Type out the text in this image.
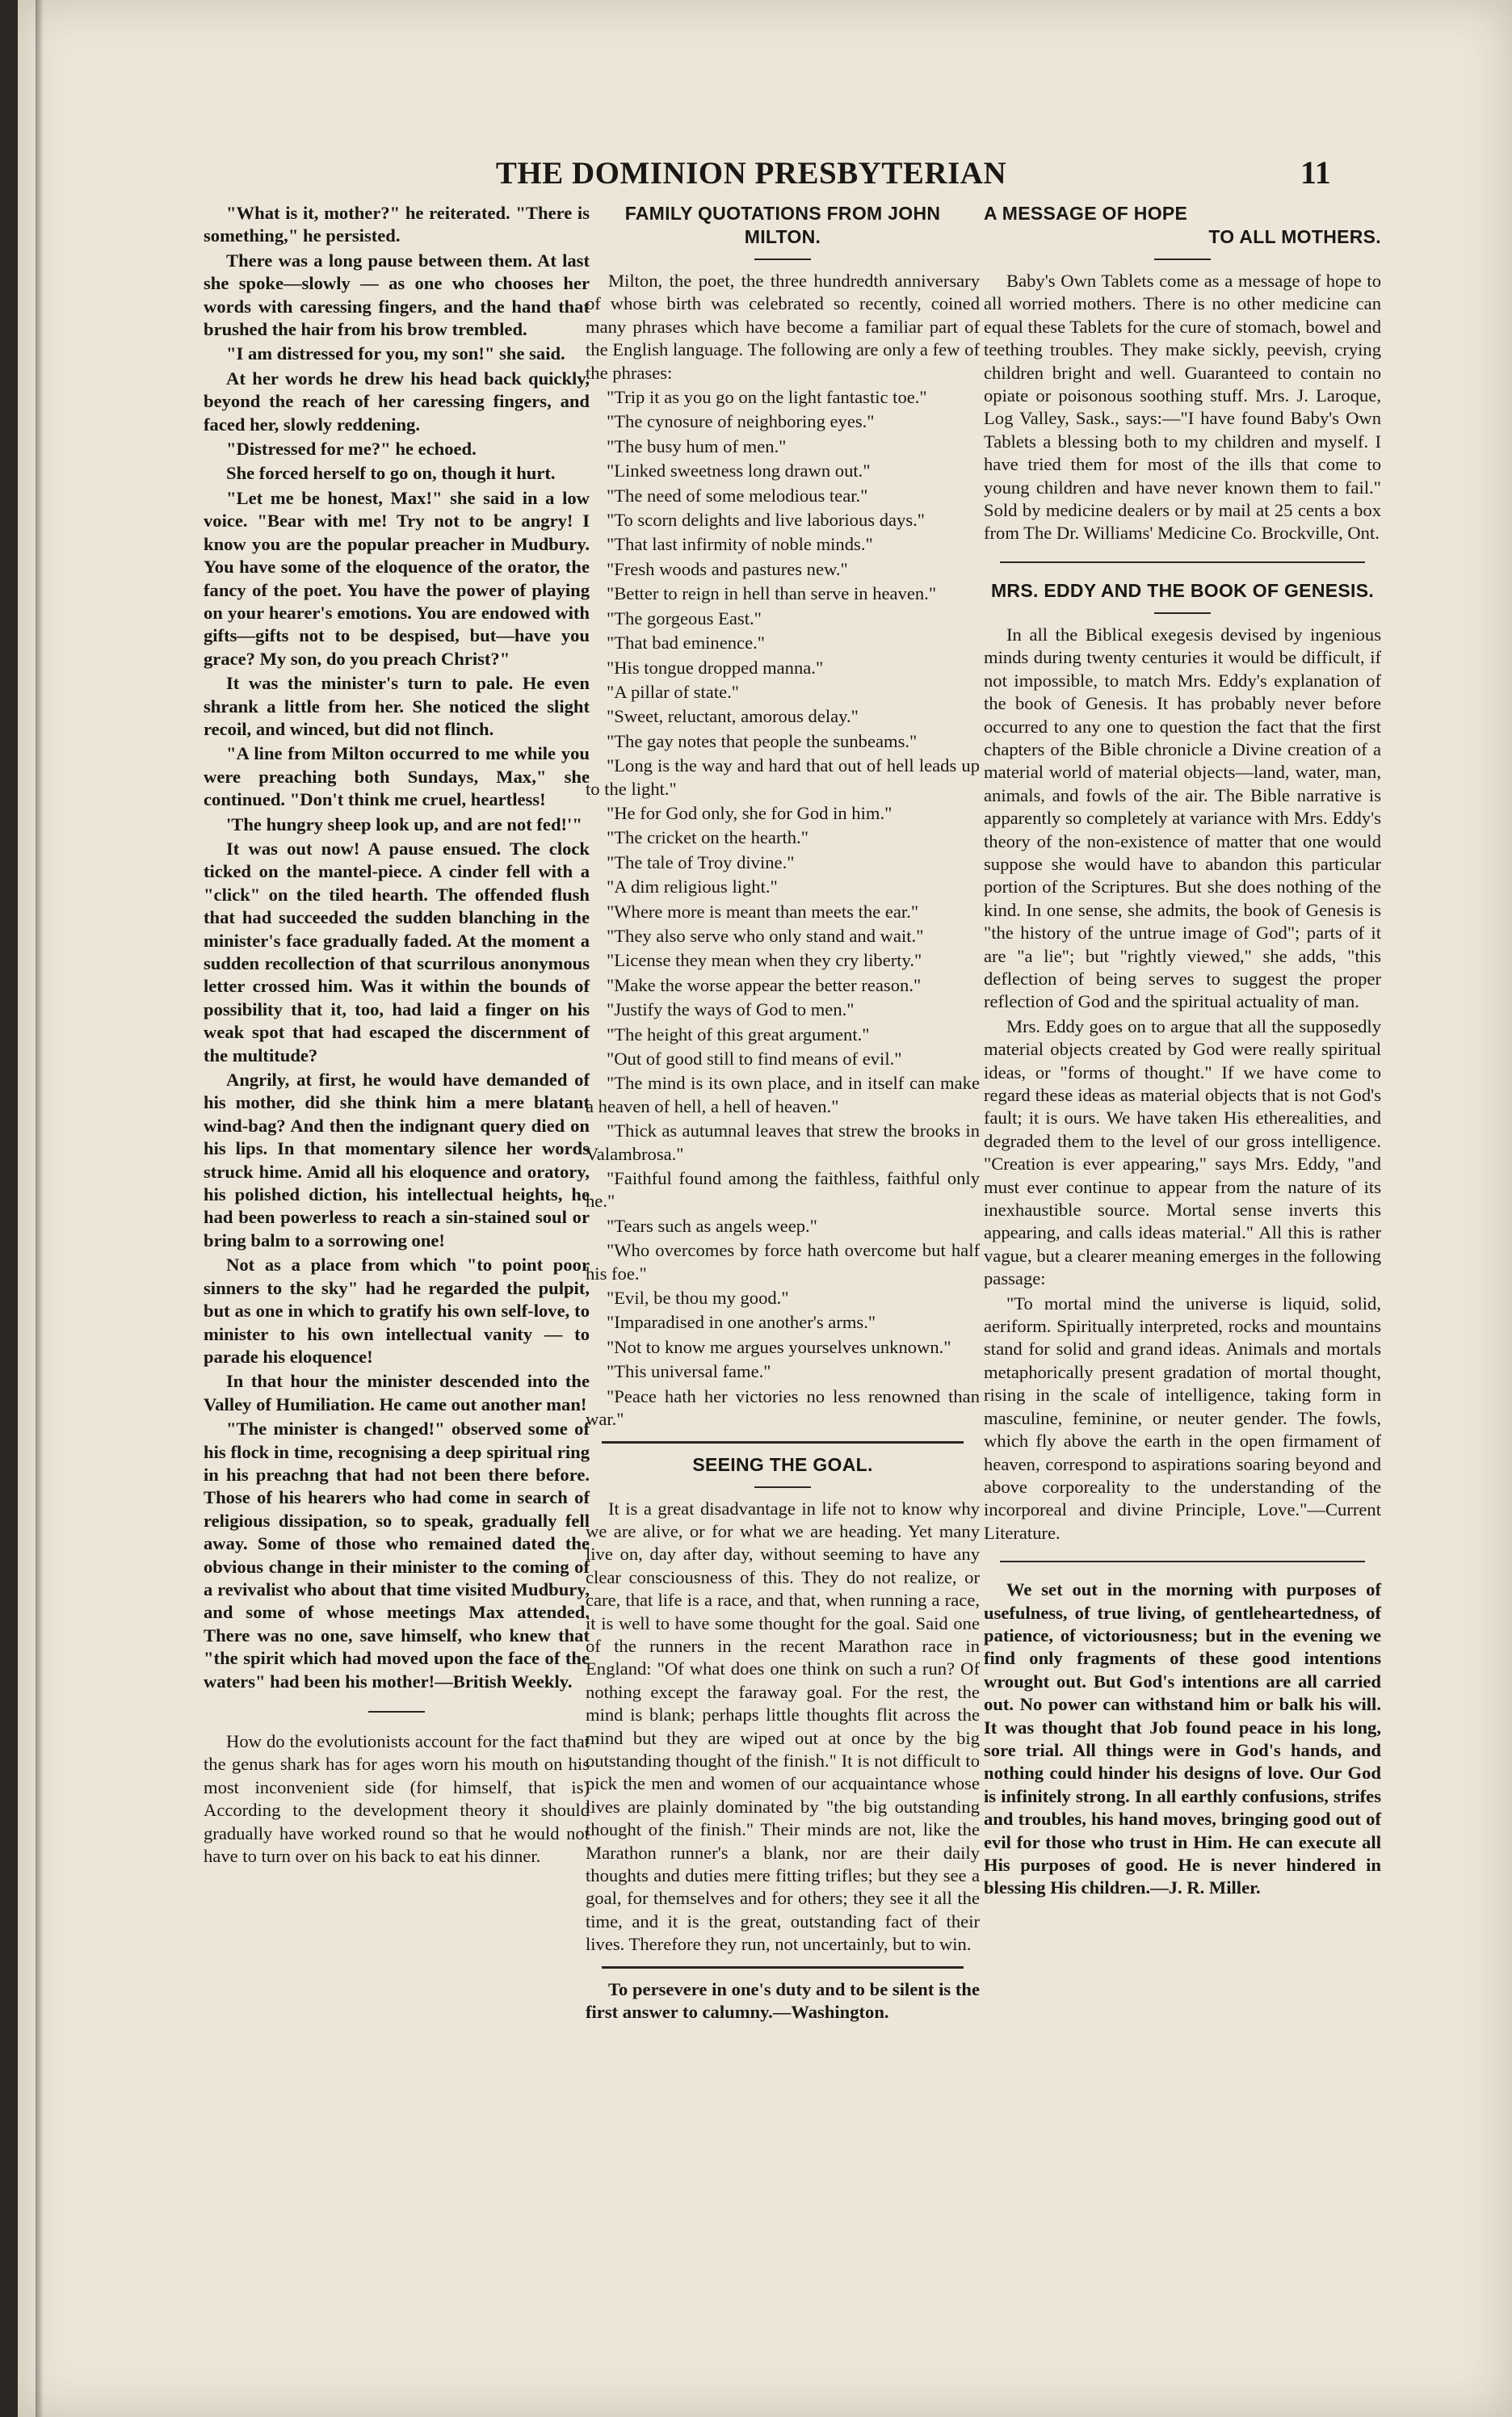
THE DOMINION PRESBYTERIAN	11

"What is it, mother?" he reiterated. "There is something," he persisted.

There was a long pause between them. At last she spoke—slowly — as one who chooses her words with caressing fingers, and the hand that brushed the hair from his brow trembled.

"I am distressed for you, my son!" she said.

At her words he drew his head back quickly, beyond the reach of her caressing fingers, and faced her, slowly reddening.

"Distressed for me?" he echoed.

She forced herself to go on, though it hurt.

"Let me be honest, Max!" she said in a low voice. "Bear with me! Try not to be angry! I know you are the popular preacher in Mudbury. You have some of the eloquence of the orator, the fancy of the poet. You have the power of playing on your hearer's emotions. You are endowed with gifts—gifts not to be despised, but—have you grace? My son, do you preach Christ?"

It was the minister's turn to pale. He even shrank a little from her. She noticed the slight recoil, and winced, but did not flinch.

"A line from Milton occurred to me while you were preaching both Sundays, Max," she continued. "Don't think me cruel, heartless!

'The hungry sheep look up, and are not fed!'"

It was out now! A pause ensued. The clock ticked on the mantel-piece. A cinder fell with a "click" on the tiled hearth. The offended flush that had succeeded the sudden blanching in the minister's face gradually faded. At the moment a sudden recollection of that scurrilous anonymous letter crossed him. Was it within the bounds of possibility that it, too, had laid a finger on his weak spot that had escaped the discernment of the multitude?

Angrily, at first, he would have demanded of his mother, did she think him a mere blatant wind-bag? And then the indignant query died on his lips. In that momentary silence her words struck hime. Amid all his eloquence and oratory, his polished diction, his intellectual heights, he had been powerless to reach a sin-stained soul or bring balm to a sorrowing one!

Not as a place from which "to point poor sinners to the sky" had he regarded the pulpit, but as one in which to gratify his own self-love, to minister to his own intellectual vanity — to parade his eloquence!

In that hour the minister descended into the Valley of Humiliation. He came out another man!

"The minister is changed!" observed some of his flock in time, recognising a deep spiritual ring in his preachng that had not been there before. Those of his hearers who had come in search of religious dissipation, so to speak, gradually fell away. Some of those who remained dated the obvious change in their minister to the coming of a revivalist who about that time visited Mudbury, and some of whose meetings Max attended. There was no one, save himself, who knew that "the spirit which had moved upon the face of the waters" had been his mother!—British Weekly.

How do the evolutionists account for the fact that the genus shark has for ages worn his mouth on his most inconvenient side (for himself, that is) According to the development theory it should gradually have worked round so that he would not have to turn over on his back to eat his dinner.

FAMILY QUOTATIONS FROM JOHN MILTON.

Milton, the poet, the three hundredth anniversary of whose birth was celebrated so recently, coined many phrases which have become a familiar part of the English language. The following are only a few of the phrases:

"Trip it as you go on the light fantastic toe."

"The cynosure of neighboring eyes."

"The busy hum of men."

"Linked sweetness long drawn out."

"The need of some melodious tear."

"To scorn delights and live laborious days."

"That last infirmity of noble minds."

"Fresh woods and pastures new."

"Better to reign in hell than serve in heaven."

"The gorgeous East."

"That bad eminence."

"His tongue dropped manna."

"A pillar of state."

"Sweet, reluctant, amorous delay."

"The gay notes that people the sunbeams."

"Long is the way and hard that out of hell leads up to the light."

"He for God only, she for God in him."

"The cricket on the hearth."

"The tale of Troy divine."

"A dim religious light."

"Where more is meant than meets the ear."

"They also serve who only stand and wait."

"License they mean when they cry liberty."

"Make the worse appear the better reason."

"Justify the ways of God to men."

"The height of this great argument."

"Out of good still to find means of evil."

"The mind is its own place, and in itself can make a heaven of hell, a hell of heaven."

"Thick as autumnal leaves that strew the brooks in Valambrosa."

"Faithful found among the faithless, faithful only he."

"Tears such as angels weep."

"Who overcomes by force hath overcome but half his foe."

"Evil, be thou my good."

"Imparadised in one another's arms."

"Not to know me argues yourselves unknown."

"This universal fame."

"Peace hath her victories no less renowned than war."

SEEING THE GOAL.

It is a great disadvantage in life not to know why we are alive, or for what we are heading. Yet many live on, day after day, without seeming to have any clear consciousness of this. They do not realize, or care, that life is a race, and that, when running a race, it is well to have some thought for the goal. Said one of the runners in the recent Marathon race in England: "Of what does one think on such a run? Of nothing except the faraway goal. For the rest, the mind is blank; perhaps little thoughts flit across the mind but they are wiped out at once by the big outstanding thought of the finish." It is not difficult to pick the men and women of our acquaintance whose lives are plainly dominated by "the big outstanding thought of the finish." Their minds are not, like the Marathon runner's a blank, nor are their daily thoughts and duties mere fitting trifles; but they see a goal, for themselves and for others; they see it all the time, and it is the great, outstanding fact of their lives. Therefore they run, not uncertainly, but to win.

To persevere in one's duty and to be silent is the first answer to calumny.—Washington.

A MESSAGE OF HOPE
TO ALL MOTHERS.

Baby's Own Tablets come as a message of hope to all worried mothers. There is no other medicine can equal these Tablets for the cure of stomach, bowel and teething troubles. They make sickly, peevish, crying children bright and well. Guaranteed to contain no opiate or poisonous soothing stuff. Mrs. J. Laroque, Log Valley, Sask., says:—"I have found Baby's Own Tablets a blessing both to my children and myself. I have tried them for most of the ills that come to young children and have never known them to fail." Sold by medicine dealers or by mail at 25 cents a box from The Dr. Williams' Medicine Co. Brockville, Ont.

MRS. EDDY AND THE BOOK OF GENESIS.

In all the Biblical exegesis devised by ingenious minds during twenty centuries it would be difficult, if not impossible, to match Mrs. Eddy's explanation of the book of Genesis. It has probably never before occurred to any one to question the fact that the first chapters of the Bible chronicle a Divine creation of a material world of material objects—land, water, man, animals, and fowls of the air. The Bible narrative is apparently so completely at variance with Mrs. Eddy's theory of the non-existence of matter that one would suppose she would have to abandon this particular portion of the Scriptures. But she does nothing of the kind. In one sense, she admits, the book of Genesis is "the history of the untrue image of God"; parts of it are "a lie"; but "rightly viewed," she adds, "this deflection of being serves to suggest the proper reflection of God and the spiritual actuality of man.

Mrs. Eddy goes on to argue that all the supposedly material objects created by God were really spiritual ideas, or "forms of thought." If we have come to regard these ideas as material objects that is not God's fault; it is ours. We have taken His etherealities, and degraded them to the level of our gross intelligence. "Creation is ever appearing," says Mrs. Eddy, "and must ever continue to appear from the nature of its inexhaustible source. Mortal sense inverts this appearing, and calls ideas material." All this is rather vague, but a clearer meaning emerges in the following passage:

"To mortal mind the universe is liquid, solid, aeriform. Spiritually interpreted, rocks and mountains stand for solid and grand ideas. Animals and mortals metaphorically present gradation of mortal thought, rising in the scale of intelligence, taking form in masculine, feminine, or neuter gender. The fowls, which fly above the earth in the open firmament of heaven, correspond to aspirations soaring beyond and above corporeality to the understanding of the incorporeal and divine Principle, Love."—Current Literature.

We set out in the morning with purposes of usefulness, of true living, of gentleheartedness, of patience, of victoriousness; but in the evening we find only fragments of these good intentions wrought out. But God's intentions are all carried out. No power can withstand him or balk his will. It was thought that Job found peace in his long, sore trial. All things were in God's hands, and nothing could hinder his designs of love. Our God is infinitely strong. In all earthly confusions, strifes and troubles, his hand moves, bringing good out of evil for those who trust in Him. He can execute all His purposes of good. He is never hindered in blessing His children.—J. R. Miller.
